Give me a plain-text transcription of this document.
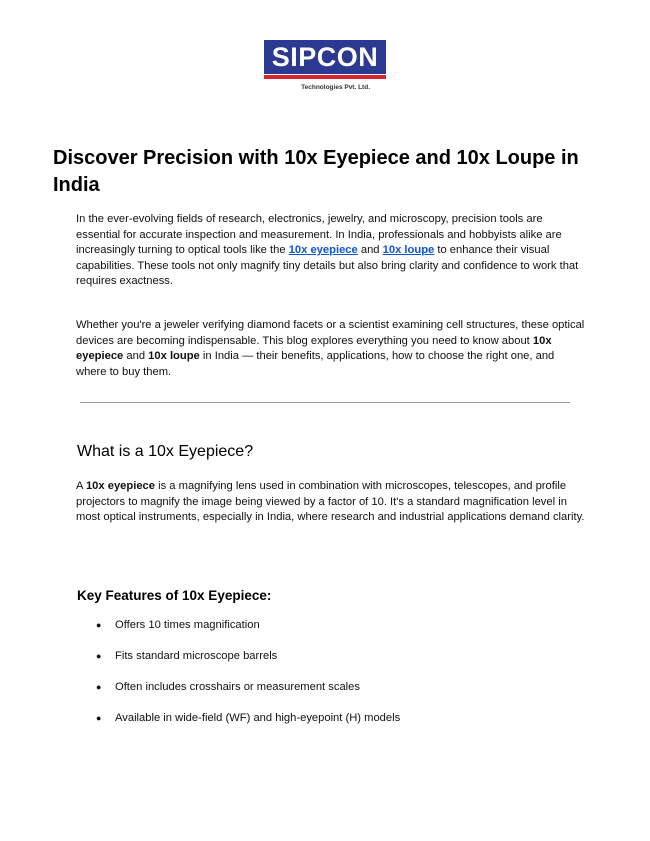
SIPCON
Technologies Pvt. Ltd.
Discover Precision with 10x Eyepiece and 10x Loupe in India

In the ever-evolving fields of research, electronics, jewelry, and microscopy, precision tools are essential for accurate inspection and measurement. In India, professionals and hobbyists alike are increasingly turning to optical tools like the 10x eyepiece and 10x loupe to enhance their visual capabilities. These tools not only magnify tiny details but also bring clarity and confidence to work that requires exactness.

Whether you're a jeweler verifying diamond facets or a scientist examining cell structures, these optical devices are becoming indispensable. This blog explores everything you need to know about 10x eyepiece and 10x loupe in India — their benefits, applications, how to choose the right one, and where to buy them.

What is a 10x Eyepiece?

A 10x eyepiece is a magnifying lens used in combination with microscopes, telescopes, and profile projectors to magnify the image being viewed by a factor of 10. It's a standard magnification level in most optical instruments, especially in India, where research and industrial applications demand clarity.

Key Features of 10x Eyepiece:
●	Offers 10 times magnification
●	Fits standard microscope barrels
●	Often includes crosshairs or measurement scales
●	Available in wide-field (WF) and high-eyepoint (H) models
